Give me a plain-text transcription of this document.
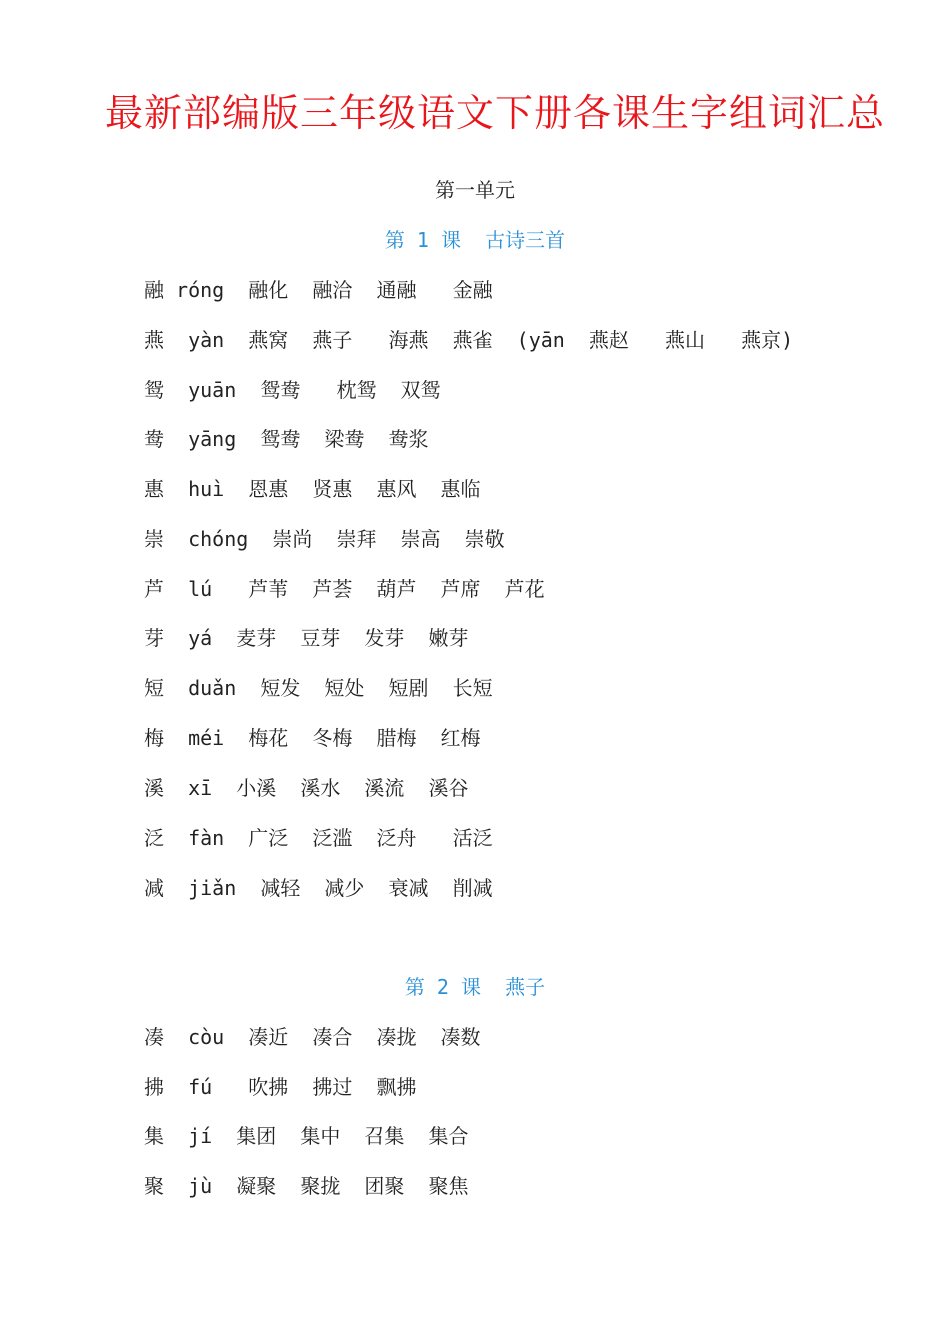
最新部编版三年级语文下册各课生字组词汇总
第一单元
第 1 课  古诗三首
融 róng  融化  融洽  通融   金融
燕  yàn  燕窝  燕子   海燕  燕雀  (yān  燕赵   燕山   燕京)
鸳  yuān  鸳鸯   枕鸳  双鸳
鸯  yāng  鸳鸯  梁鸯  鸯浆
惠  huì  恩惠  贤惠  惠风  惠临
崇  chóng  崇尚  崇拜  崇高  崇敬
芦  lú   芦苇  芦荟  葫芦  芦席  芦花
芽  yá  麦芽  豆芽  发芽  嫩芽
短  duǎn  短发  短处  短剧  长短
梅  méi  梅花  冬梅  腊梅  红梅
溪  xī  小溪  溪水  溪流  溪谷
泛  fàn  广泛  泛滥  泛舟   活泛
减  jiǎn  减轻  减少  衰减  削减
第 2 课  燕子
凑  còu  凑近  凑合  凑拢  凑数
拂  fú   吹拂  拂过  飘拂
集  jí  集团  集中  召集  集合
聚  jù  凝聚  聚拢  团聚  聚焦
